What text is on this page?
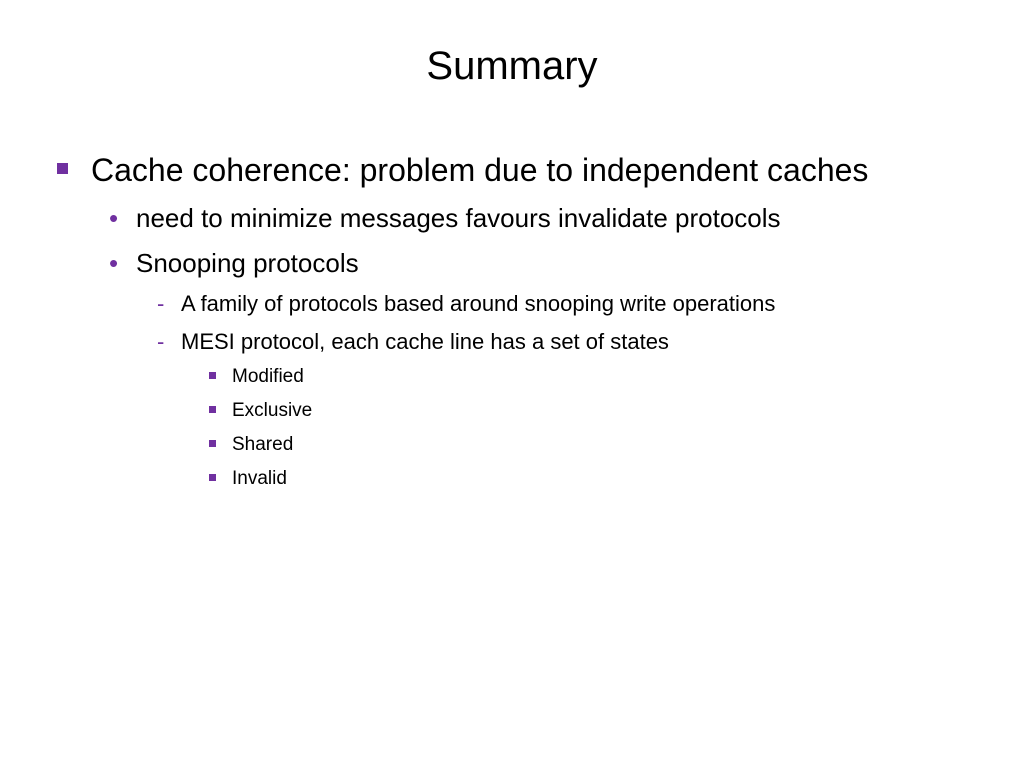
Summary
Cache coherence: problem due to independent caches
• need to minimize messages favours invalidate protocols
• Snooping protocols
- A family of protocols based around snooping write operations
- MESI protocol, each cache line has a set of states
Modified
Exclusive
Shared
Invalid
